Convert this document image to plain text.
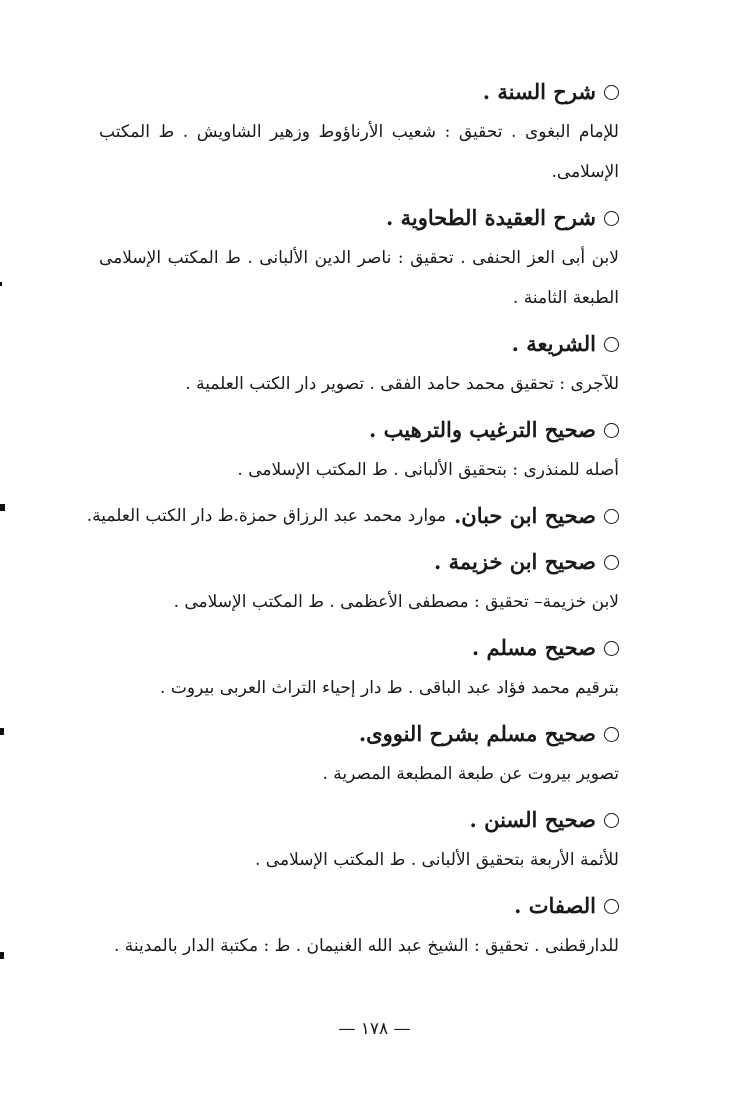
شرح السنة .
للإمام البغوى . تحقيق : شعيب الأرناؤوط وزهير الشاويش . ط المكتب الإسلامى.
شرح العقيدة الطحاوية .
لابن أبى العز الحنفى . تحقيق : ناصر الدين الألبانى . ط المكتب الإسلامى الطبعة الثامنة .
الشريعة .
للآجرى : تحقيق محمد حامد الفقى . تصوير دار الكتب العلمية .
صحيح الترغيب والترهيب .
أصله للمنذرى : بتحقيق الألبانى . ط المكتب الإسلامى .
صحيح ابن حبان.
موارد محمد عبد الرزاق حمزة.ط دار الكتب العلمية.
صحيح ابن خزيمة .
لابن خزيمة– تحقيق : مصطفى الأعظمى . ط المكتب الإسلامى .
صحيح مسلم .
بترقيم محمد فؤاد عبد الباقى . ط دار إحياء التراث العربى بيروت .
صحيح مسلم بشرح النووى.
تصوير بيروت عن طبعة المطبعة المصرية .
صحيح السنن .
للأئمة الأربعة بتحقيق الألبانى . ط المكتب الإسلامى .
الصفات .
للدارقطنى . تحقيق : الشيخ عبد الله الغنيمان . ط : مكتبة الدار بالمدينة .
— ١٧٨ —
